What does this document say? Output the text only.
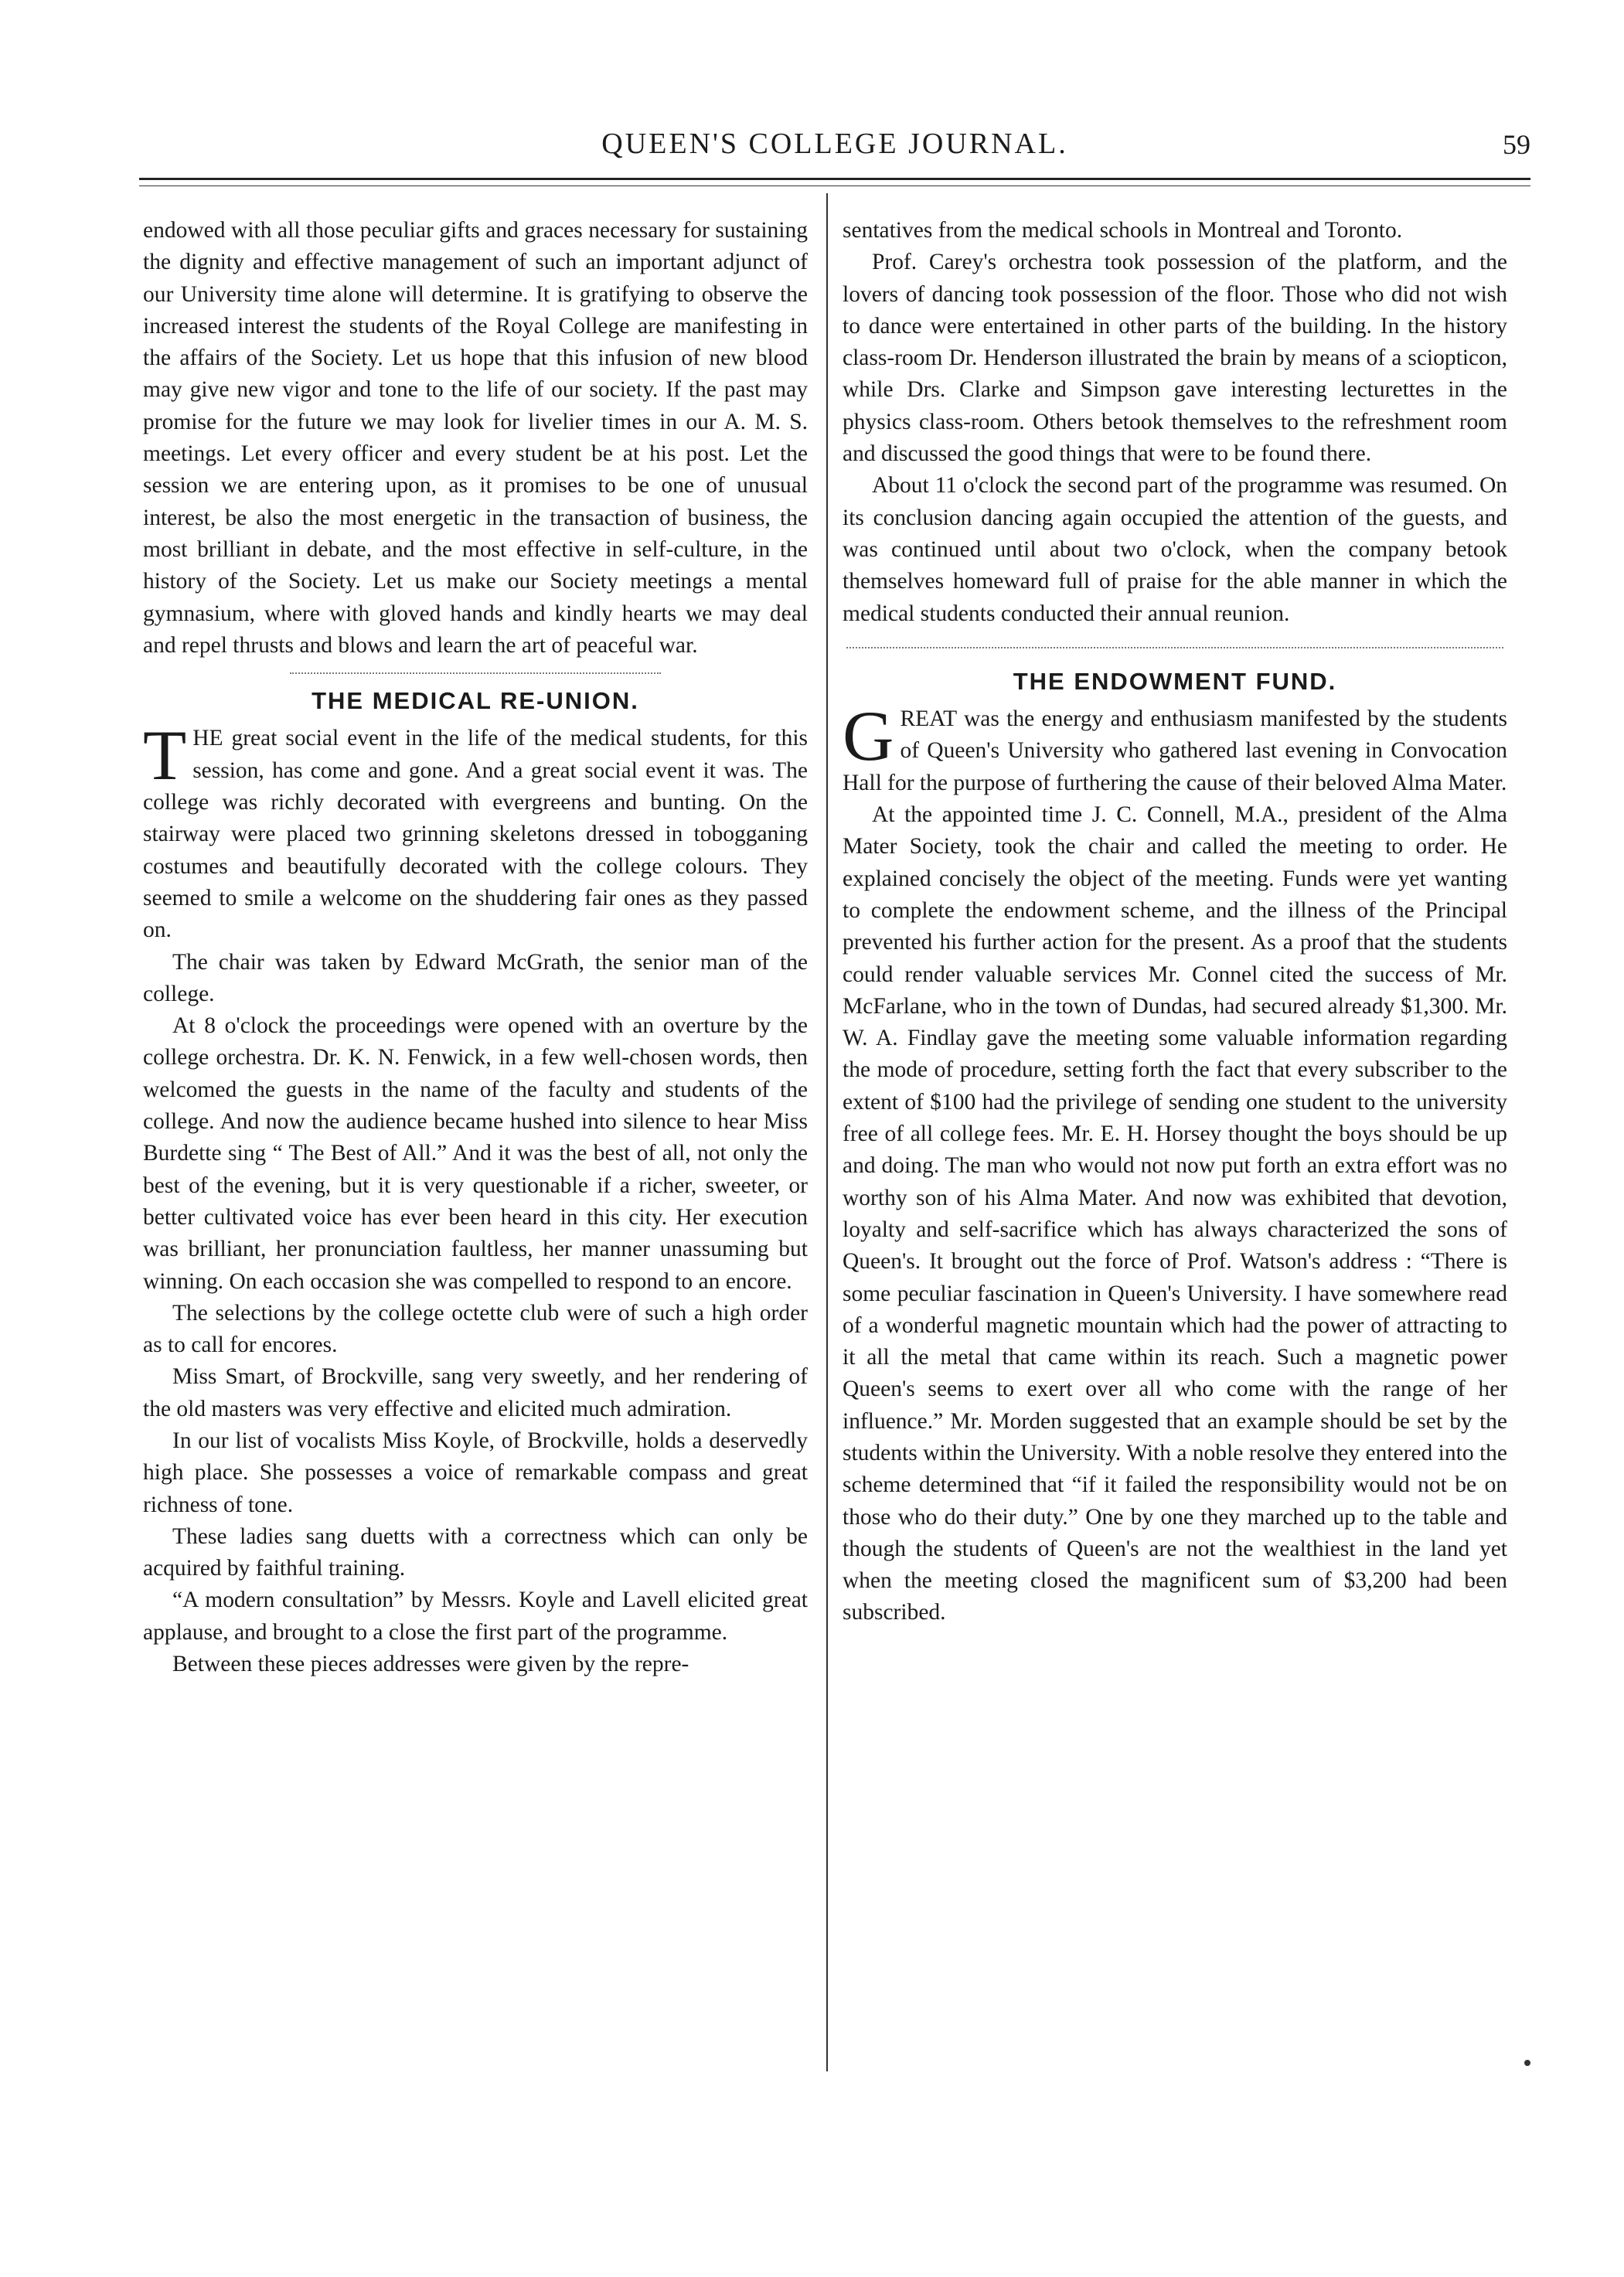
QUEEN'S COLLEGE JOURNAL.	59

endowed with all those peculiar gifts and graces necessary for sustaining the dignity and effective management of such an important adjunct of our University time alone will determine. It is gratifying to observe the increased interest the students of the Royal College are manifesting in the affairs of the Society. Let us hope that this infusion of new blood may give new vigor and tone to the life of our society. If the past may promise for the future we may look for livelier times in our A. M. S. meetings. Let every officer and every student be at his post. Let the session we are entering upon, as it promises to be one of unusual interest, be also the most energetic in the transaction of business, the most brilliant in debate, and the most effective in self-culture, in the history of the Society. Let us make our Society meetings a mental gymnasium, where with gloved hands and kindly hearts we may deal and repel thrusts and blows and learn the art of peaceful war.

THE MEDICAL RE-UNION.

THE great social event in the life of the medical students, for this session, has come and gone. And a great social event it was. The college was richly decorated with evergreens and bunting. On the stairway were placed two grinning skeletons dressed in tobogganing costumes and beautifully decorated with the college colours. They seemed to smile a welcome on the shuddering fair ones as they passed on.

The chair was taken by Edward McGrath, the senior man of the college.

At 8 o'clock the proceedings were opened with an overture by the college orchestra. Dr. K. N. Fenwick, in a few well-chosen words, then welcomed the guests in the name of the faculty and students of the college. And now the audience became hushed into silence to hear Miss Burdette sing “ The Best of All.” And it was the best of all, not only the best of the evening, but it is very questionable if a richer, sweeter, or better cultivated voice has ever been heard in this city. Her execution was brilliant, her pronunciation faultless, her manner unassuming but winning. On each occasion she was compelled to respond to an encore.

The selections by the college octette club were of such a high order as to call for encores.

Miss Smart, of Brockville, sang very sweetly, and her rendering of the old masters was very effective and elicited much admiration.

In our list of vocalists Miss Koyle, of Brockville, holds a deservedly high place. She possesses a voice of remarkable compass and great richness of tone.

These ladies sang duetts with a correctness which can only be acquired by faithful training.

“A modern consultation” by Messrs. Koyle and Lavell elicited great applause, and brought to a close the first part of the programme.

Between these pieces addresses were given by the repre-

sentatives from the medical schools in Montreal and Toronto.

Prof. Carey's orchestra took possession of the platform, and the lovers of dancing took possession of the floor. Those who did not wish to dance were entertained in other parts of the building. In the history class-room Dr. Henderson illustrated the brain by means of a sciopticon, while Drs. Clarke and Simpson gave interesting lecturettes in the physics class-room. Others betook themselves to the refreshment room and discussed the good things that were to be found there.

About 11 o'clock the second part of the programme was resumed. On its conclusion dancing again occupied the attention of the guests, and was continued until about two o'clock, when the company betook themselves homeward full of praise for the able manner in which the medical students conducted their annual reunion.

THE ENDOWMENT FUND.

GREAT was the energy and enthusiasm manifested by the students of Queen's University who gathered last evening in Convocation Hall for the purpose of furthering the cause of their beloved Alma Mater.

At the appointed time J. C. Connell, M.A., president of the Alma Mater Society, took the chair and called the meeting to order. He explained concisely the object of the meeting. Funds were yet wanting to complete the endowment scheme, and the illness of the Principal prevented his further action for the present. As a proof that the students could render valuable services Mr. Connel cited the success of Mr. McFarlane, who in the town of Dundas, had secured already $1,300. Mr. W. A. Findlay gave the meeting some valuable information regarding the mode of procedure, setting forth the fact that every subscriber to the extent of $100 had the privilege of sending one student to the university free of all college fees. Mr. E. H. Horsey thought the boys should be up and doing. The man who would not now put forth an extra effort was no worthy son of his Alma Mater. And now was exhibited that devotion, loyalty and self-sacrifice which has always characterized the sons of Queen's. It brought out the force of Prof. Watson's address : “There is some peculiar fascination in Queen's University. I have somewhere read of a wonderful magnetic mountain which had the power of attracting to it all the metal that came within its reach. Such a magnetic power Queen's seems to exert over all who come with the range of her influence.” Mr. Morden suggested that an example should be set by the students within the University. With a noble resolve they entered into the scheme determined that “if it failed the responsibility would not be on those who do their duty.” One by one they marched up to the table and though the students of Queen's are not the wealthiest in the land yet when the meeting closed the magnificent sum of $3,200 had been subscribed.
